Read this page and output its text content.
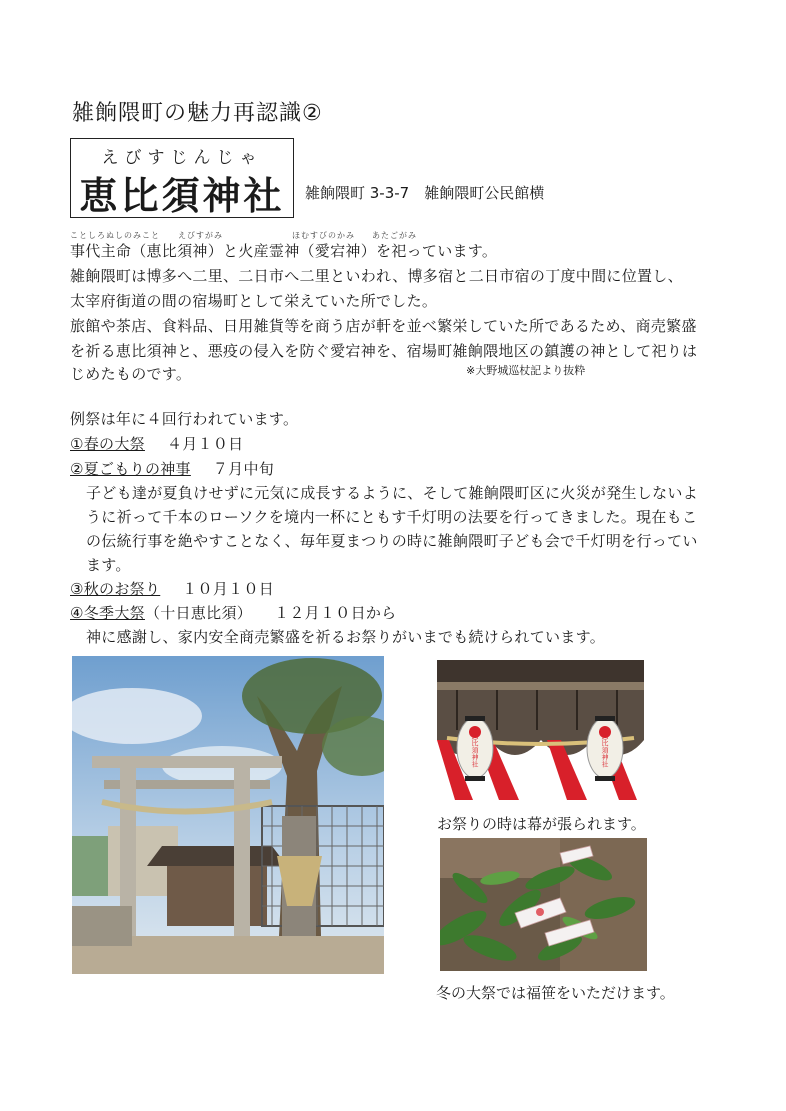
雑餉隈町の魅力再認識②
えびすじんじゃ
恵比須神社	雑餉隈町 3-3-7　雑餉隈町公民館横
ことしろぬしのみこと えびすがみ	ほむすびのかみ あたごがみ
事代主命（恵比須神）と火産霊神（愛宕神）を祀っています。
雑餉隈町は博多へ二里、二日市へ二里といわれ、博多宿と二日市宿の丁度中間に位置し、
太宰府街道の間の宿場町として栄えていた所でした。
旅館や茶店、食料品、日用雑貨等を商う店が軒を並べ繁栄していた所であるため、商売繁盛
を祈る恵比須神と、悪疫の侵入を防ぐ愛宕神を、宿場町雑餉隈地区の鎮護の神として祀りは
じめたものです。	※大野城巡杖記より抜粋
例祭は年に４回行われています。
①春の大祭 ４月１０日
②夏ごもりの神事 ７月中旬
子ども達が夏負けせずに元気に成長するように、そして雑餉隈町区に火災が発生しないよ
うに祈って千本のローソクを境内一杯にともす千灯明の法要を行ってきました。現在もこ
の伝統行事を絶やすことなく、毎年夏まつりの時に雑餉隈町子ども会で千灯明を行ってい
ます。
③秋のお祭り １０月１０日
④冬季大祭（十日恵比須） １２月１０日から
神に感謝し、家内安全商売繁盛を祈るお祭りがいまでも続けられています。
恵比須神社	恵比須神社
お祭りの時は幕が張られます。
冬の大祭では福笹をいただけます。
